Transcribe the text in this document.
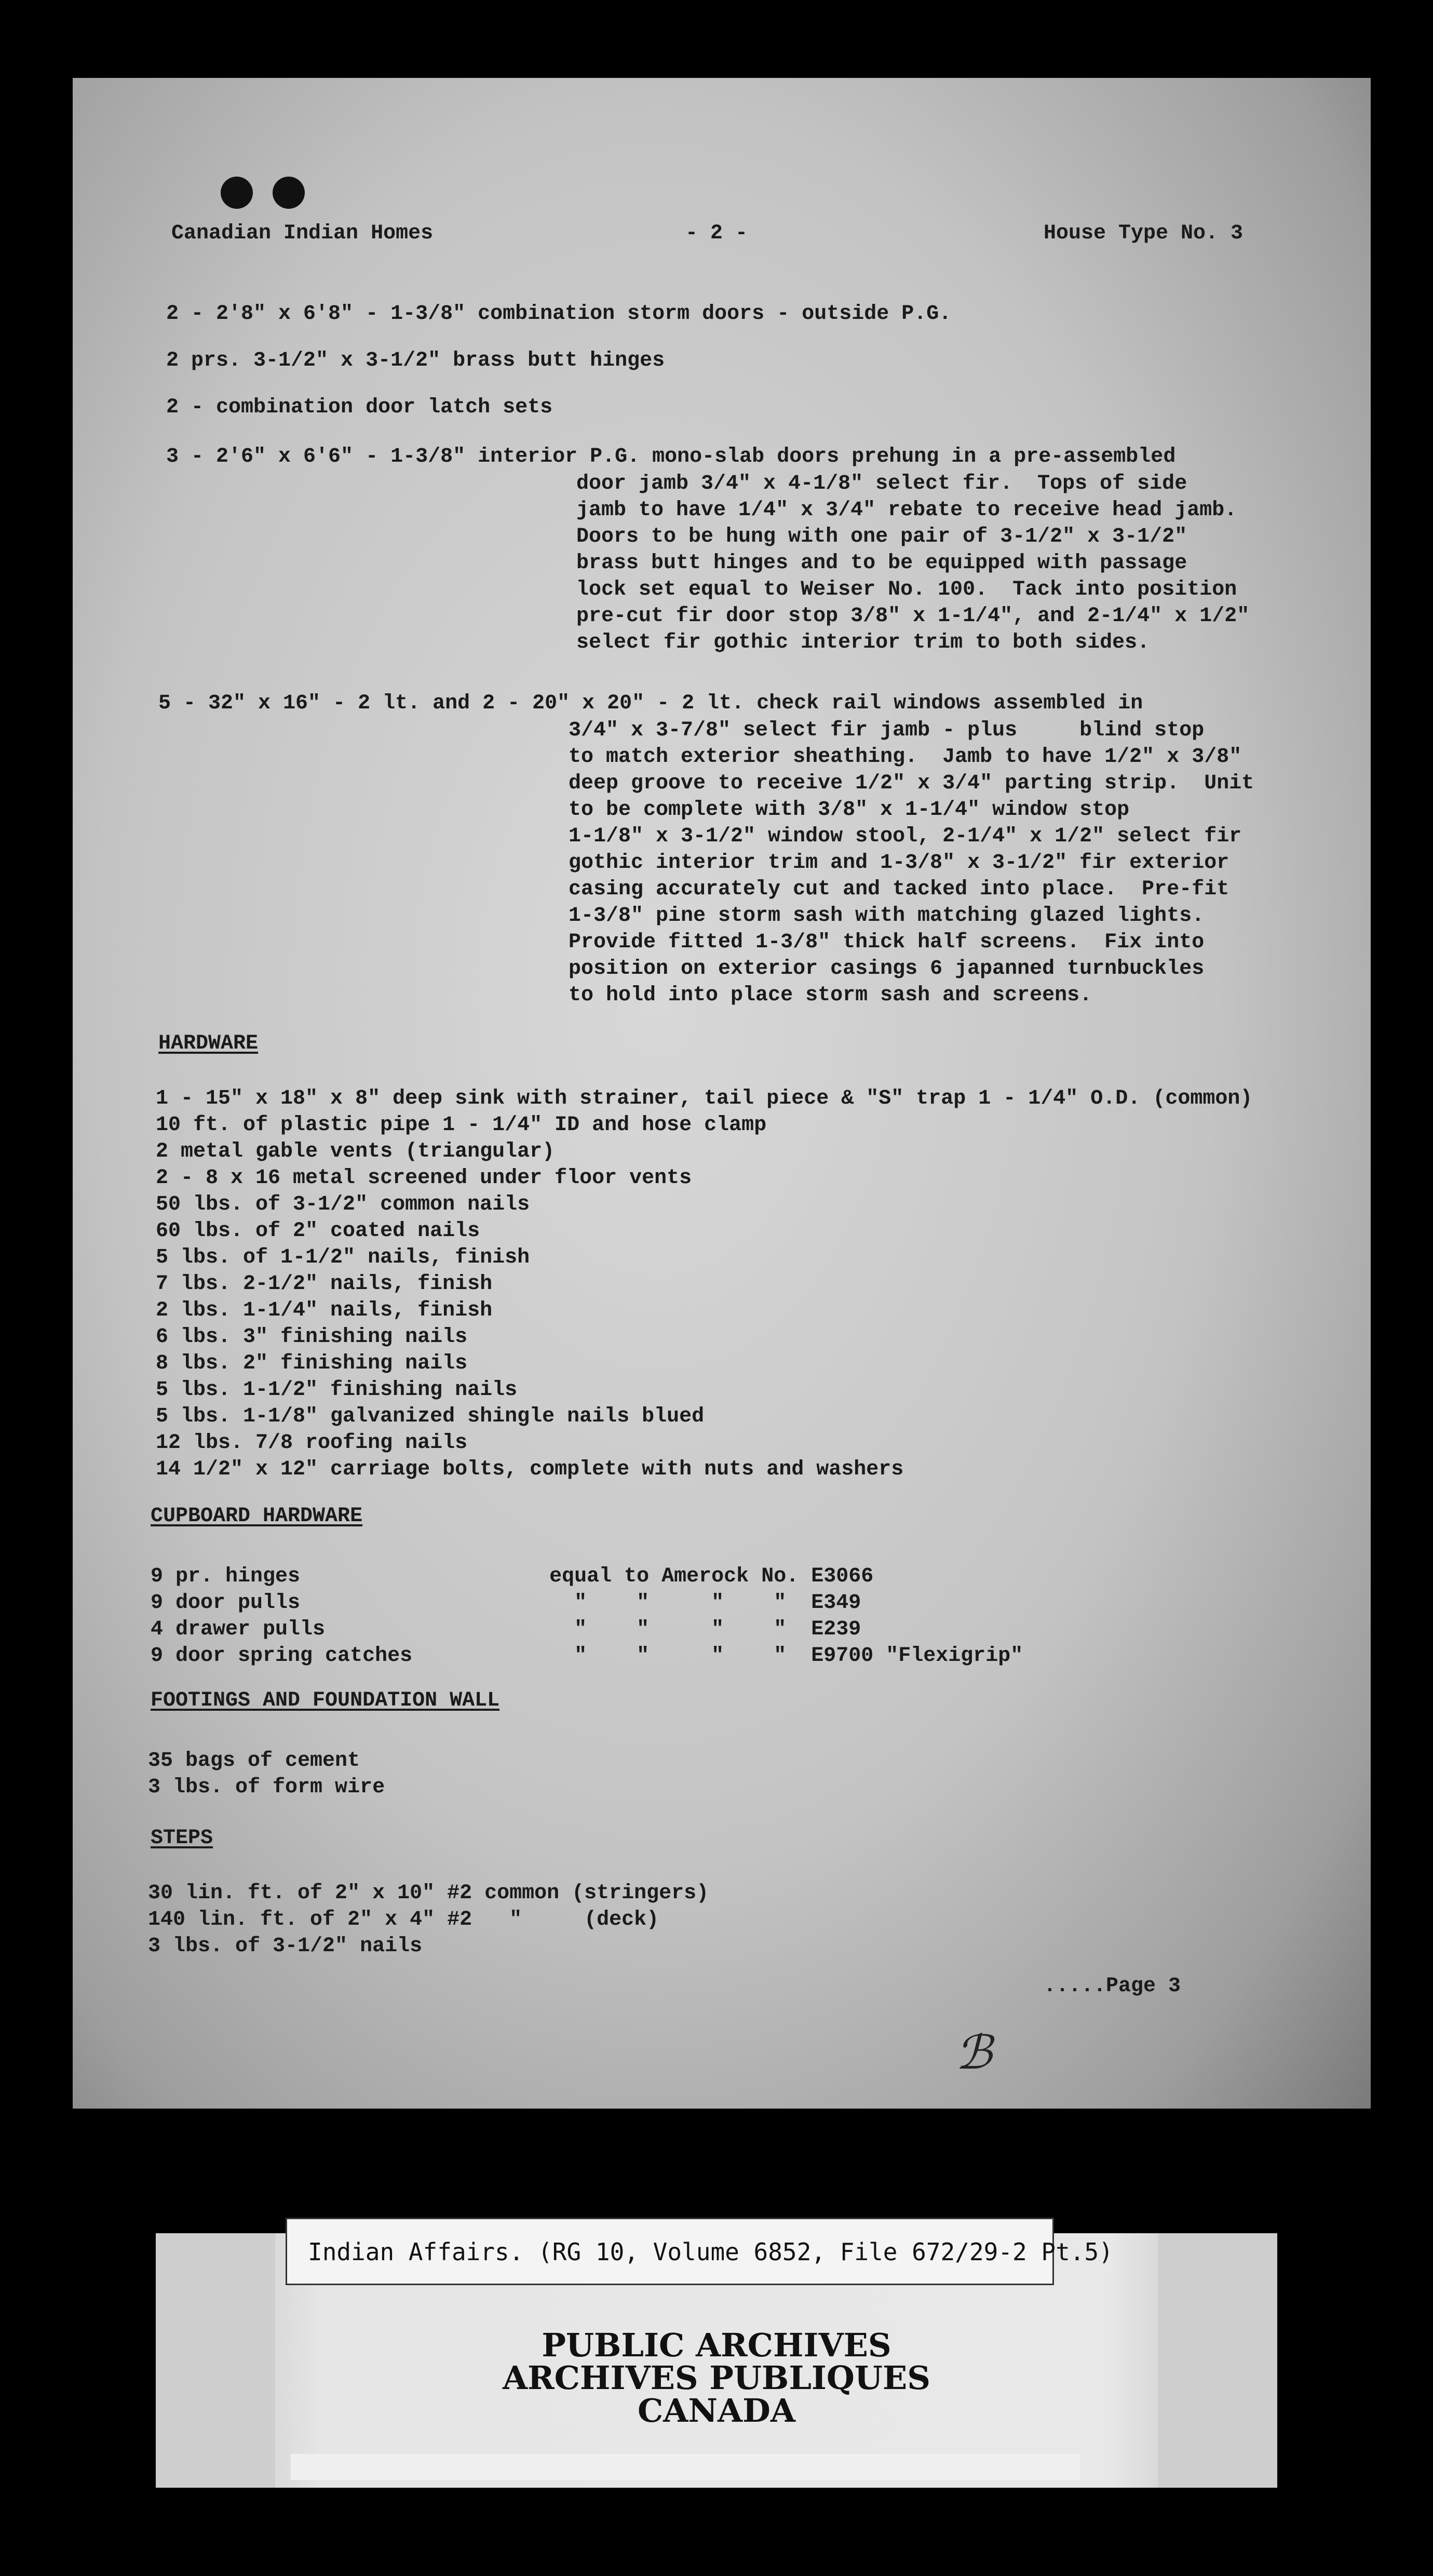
Canadian Indian Homes	- 2 -	House Type No. 3
2 - 2'8" x 6'8" - 1-3/8" combination storm doors - outside P.G.
2 prs. 3-1/2" x 3-1/2" brass butt hinges
2 - combination door latch sets
3 - 2'6" x 6'6" - 1-3/8" interior P.G. mono-slab doors prehung in a pre-assembled
door jamb 3/4" x 4-1/8" select fir.  Tops of side
jamb to have 1/4" x 3/4" rebate to receive head jamb.
Doors to be hung with one pair of 3-1/2" x 3-1/2"
brass butt hinges and to be equipped with passage
lock set equal to Weiser No. 100.  Tack into position
pre-cut fir door stop 3/8" x 1-1/4", and 2-1/4" x 1/2"
select fir gothic interior trim to both sides.
5 - 32" x 16" - 2 lt. and 2 - 20" x 20" - 2 lt. check rail windows assembled in
3/4" x 3-7/8" select fir jamb - plus     blind stop
to match exterior sheathing.  Jamb to have 1/2" x 3/8"
deep groove to receive 1/2" x 3/4" parting strip.  Unit
to be complete with 3/8" x 1-1/4" window stop
1-1/8" x 3-1/2" window stool, 2-1/4" x 1/2" select fir
gothic interior trim and 1-3/8" x 3-1/2" fir exterior
casing accurately cut and tacked into place.  Pre-fit
1-3/8" pine storm sash with matching glazed lights.
Provide fitted 1-3/8" thick half screens.  Fix into
position on exterior casings 6 japanned turnbuckles
to hold into place storm sash and screens.
HARDWARE
1 - 15" x 18" x 8" deep sink with strainer, tail piece & "S" trap 1 - 1/4" O.D. (common)
10 ft. of plastic pipe 1 - 1/4" ID and hose clamp
2 metal gable vents (triangular)
2 - 8 x 16 metal screened under floor vents
50 lbs. of 3-1/2" common nails
60 lbs. of 2" coated nails
5 lbs. of 1-1/2" nails, finish
7 lbs. 2-1/2" nails, finish
2 lbs. 1-1/4" nails, finish
6 lbs. 3" finishing nails
8 lbs. 2" finishing nails
5 lbs. 1-1/2" finishing nails
5 lbs. 1-1/8" galvanized shingle nails blued
12 lbs. 7/8 roofing nails
14 1/2" x 12" carriage bolts, complete with nuts and washers
CUPBOARD HARDWARE
9 pr. hinges                    equal to Amerock No. E3066
9 door pulls                      "    "     "    "  E349
4 drawer pulls                    "    "     "    "  E239
9 door spring catches             "    "     "    "  E9700 "Flexigrip"
FOOTINGS AND FOUNDATION WALL
35 bags of cement
3 lbs. of form wire
STEPS
30 lin. ft. of 2" x 10" #2 common (stringers)
140 lin. ft. of 2" x 4" #2   "     (deck)
3 lbs. of 3-1/2" nails
.....Page 3
ℬ
Indian Affairs. (RG 10, Volume 6852, File 672/29-2 Pt.5)
PUBLIC ARCHIVES
ARCHIVES PUBLIQUES
CANADA
